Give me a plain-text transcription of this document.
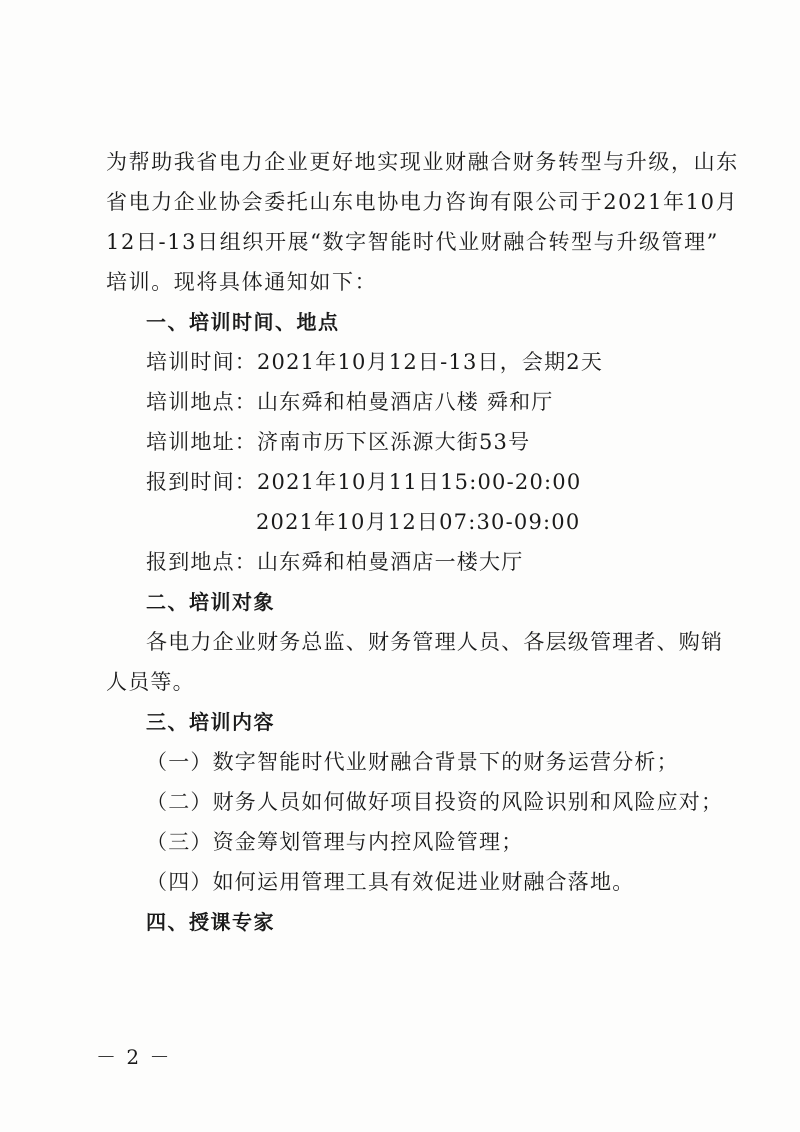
为帮助我省电力企业更好地实现业财融合财务转型与升级，山东
省电力企业协会委托山东电协电力咨询有限公司于2021年10月
12日-13日组织开展“数字智能时代业财融合转型与升级管理”
培训。现将具体通知如下：
一、培训时间、地点
培训时间：2021年10月12日-13日，会期2天
培训地点：山东舜和柏曼酒店八楼 舜和厅
培训地址：济南市历下区泺源大街53号
报到时间：2021年10月11日15:00-20:00
2021年10月12日07:30-09:00
报到地点：山东舜和柏曼酒店一楼大厅
二、培训对象
各电力企业财务总监、财务管理人员、各层级管理者、购销
人员等。
三、培训内容
（一）数字智能时代业财融合背景下的财务运营分析；
（二）财务人员如何做好项目投资的风险识别和风险应对；
（三）资金筹划管理与内控风险管理；
（四）如何运用管理工具有效促进业财融合落地。
四、授课专家
－ 2 －
